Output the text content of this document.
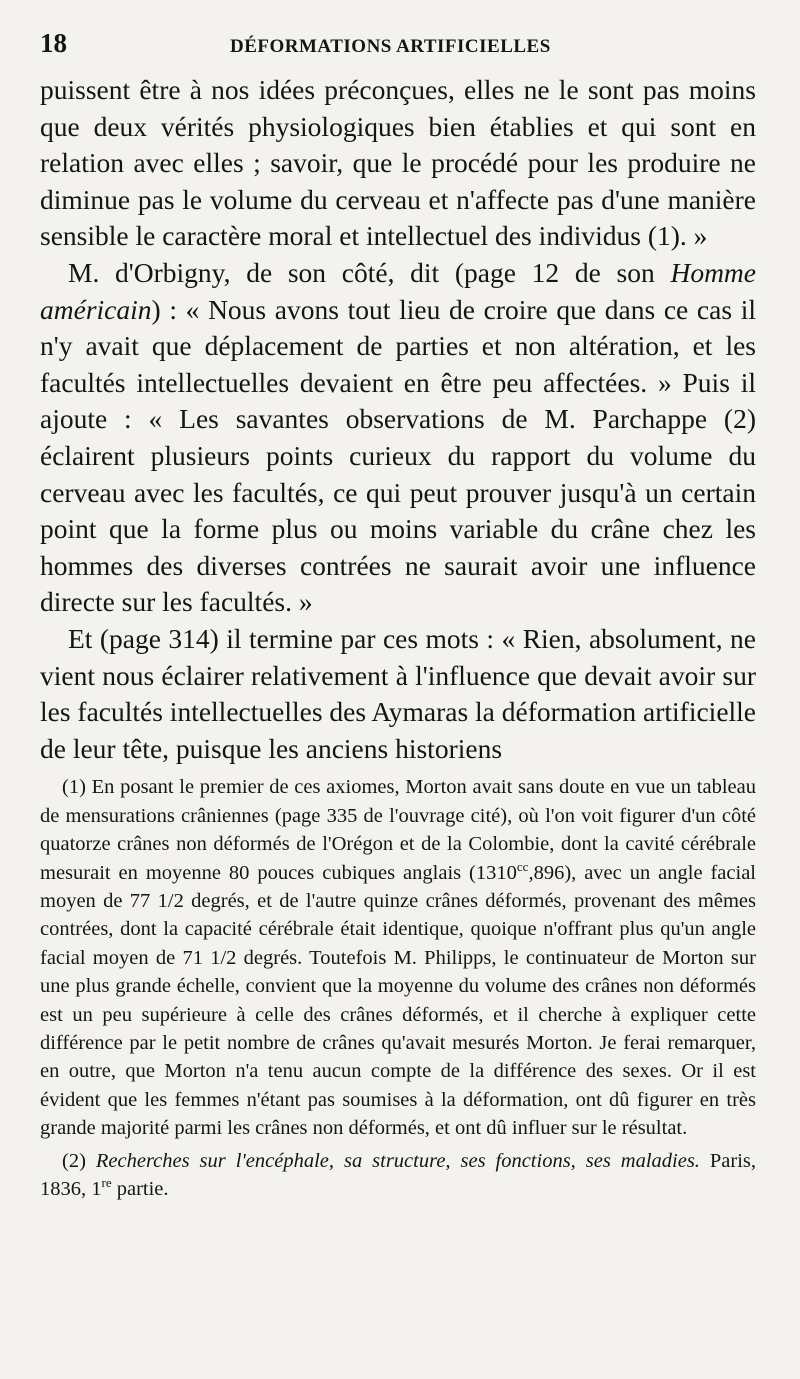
18	DÉFORMATIONS ARTIFICIELLES

puissent être à nos idées préconçues, elles ne le sont pas moins que deux vérités physiologiques bien établies et qui sont en relation avec elles ; savoir, que le procédé pour les produire ne diminue pas le volume du cerveau et n'affecte pas d'une manière sensible le caractère moral et intellectuel des individus (1). »

M. d'Orbigny, de son côté, dit (page 12 de son Homme américain) : « Nous avons tout lieu de croire que dans ce cas il n'y avait que déplacement de parties et non altération, et les facultés intellectuelles devaient en être peu affectées. » Puis il ajoute : « Les savantes observations de M. Parchappe (2) éclairent plusieurs points curieux du rapport du volume du cerveau avec les facultés, ce qui peut prouver jusqu'à un certain point que la forme plus ou moins variable du crâne chez les hommes des diverses contrées ne saurait avoir une influence directe sur les facultés. »

Et (page 314) il termine par ces mots : « Rien, absolument, ne vient nous éclairer relativement à l'influence que devait avoir sur les facultés intellectuelles des Aymaras la déformation artificielle de leur tête, puisque les anciens historiens

(1) En posant le premier de ces axiomes, Morton avait sans doute en vue un tableau de mensurations crâniennes (page 335 de l'ouvrage cité), où l'on voit figurer d'un côté quatorze crânes non déformés de l'Orégon et de la Colombie, dont la cavité cérébrale mesurait en moyenne 80 pouces cubiques anglais $(1310^{cc},896)$, avec un angle facial moyen de 77 1/2 degrés, et de l'autre quinze crânes déformés, provenant des mêmes contrées, dont la capacité cérébrale était identique, quoique n'offrant plus qu'un angle facial moyen de 71 1/2 degrés. Toutefois M. Philipps, le continuateur de Morton sur une plus grande échelle, convient que la moyenne du volume des crânes non déformés est un peu supérieure à celle des crânes déformés, et il cherche à expliquer cette différence par le petit nombre de crânes qu'avait mesurés Morton. Je ferai remarquer, en outre, que Morton n'a tenu aucun compte de la différence des sexes. Or il est évident que les femmes n'étant pas soumises à la déformation, ont dû figurer en très grande majorité parmi les crânes non déformés, et ont dû influer sur le résultat.

(2) Recherches sur l'encéphale, sa structure, ses fonctions, ses maladies. Paris, 1836, 1re partie.
